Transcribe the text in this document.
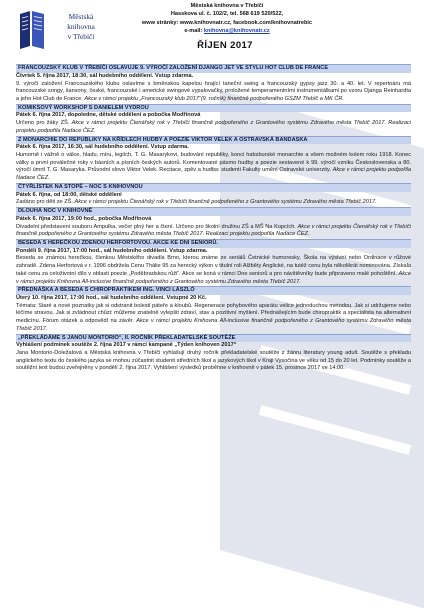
Městská
knihovna
v Třebíči
Městská knihovna v Třebíči
Hasskova ul. č. 102/2, tel. 568 619 520/522,
www stránky: www.knihovnatr.cz, facebook.com/knihovnatrebic
e-mail: knihovna@knihovnatr.cz
ŘÍJEN 2017
FRANCOUZSKÝ KLUB V TŘEBÍČI OSLAVUJE 9. VÝROČÍ ZALOŽENÍ DJANGO JET VE STYLU HOT CLUB DE FRANCE
Čtvrtek 5. října 2017, 18:30, sál hudebního oddělení. Vstup zdarma.

9. výročí založení Francouzského klubu oslavíme s brněnskou kapelou hrající taneční swing a francouzský gypsy jazz 30. a 40. let. V repertoáru má francouzské songy, šansony, české, francouzské i americké swingové vypalovačky, proložené temperamentními instrumentálkami po vzoru Djanga Reinhardta a jeho Hot Club de France. Akce v rámci projektu „Francouzský klub 2017“(9. ročník) finančně podpořeného GSZM Třebíč a MK ČR.

KOMIKSOVÝ WORKSHOP S DANIELEM VYDROU
Pátek 6. října 2017, dopoledne, dětské oddělení a pobočka Modřínová

Určeno pro žáky ZŠ. Akce v rámci projektu Čtenářský rok v Třebíči finančně podpořeného z Grantového systému Zdravého města Třebíč 2017. Realizaci projektu podpořila Nadace ČEZ.

Z MONARCHIE DO REPUBLIKY NA KŘÍDLECH HUDBY A POEZIE VIKTOR VELEK A OSTRAVSKÁ BANDASKA
Pátek 6. října 2017, 16:30, sál hudebního oddělení. Vstup zdarma.

Humorně i vážně o válce, hladu, míru, legiích, T. G. Masarykovi, budování republiky, konci habsburské monarchie a všem možném kolem roku 1918. Konec války a první poválečné roky v básních a písních českých autorů. Komentované pásmo hudby a poezie sestavené k 99. výročí vzniku Československa a 80. výročí úmrtí T. G. Masaryka. Průvodní slovo Viktor Velek. Recitace, zpěv a hudba: studenti Fakulty umění Ostravské univerzity. Akce v rámci projektu podpořila Nadace ČEZ.

ČTYŘLÍSTEK NA STOPĚ – NOC S KNIHOVNOU
Pátek 6. října, od 18:00, dětské oddělení

Zadáno pro děti ze ZŠ. Akce v rámci projektu Čtenářský rok v Třebíči finančně podpořeného z Grantového systému Zdravého města Třebíč 2017.

DLOUHÁ NOC V KNIHOVNĚ
Pátek 6. října 2017, 19:00 hod., pobočka Modřínová

Divadelní představení souboru Ampulka, večer plný her a čtení. Určeno pro školní družinu ZŠ a MŠ Na Kopcích. Akce v rámci projektu Čtenářský rok v Třebíči finančně podpořeného z Grantového systému Zdravého města Třebíč 2017. Realizaci projektu podpořila Nadace ČEZ.

BESEDA S HEREČKOU ZDENOU HERFORTOVOU. AKCE KE DNI SENIORŮ.
Pondělí 9. října 2017, 17:00 hod., sál hudebního oddělení. Vstup zdarma.

Beseda se známou herečkou, členkou Městského divadla Brno, kterou známe ze seriálů Četnické humoresky, Škola na výsluní nebo Ordinace v růžové zahradě. Zdena Herfortová v r. 1996 obdržela Cenu Thálie 95 za herecký výkon v titulní roli Alžběty Anglické, na tutéž cenu byla několikrát nominována. Získala také cenu za celoživotní dílo v oblasti poezie „Poděbradskou růži“. Akce se koná v rámci Dne seniorů a pro návštěvníky bude připraveno malé pohoštění. Akce v rámci projektu Knihovna All-inclusive finančně podpořeného z Grantového systému Zdravého města Třebíč 2017.

PŘEDNÁŠKA A BESEDA S CHIROPRAKTIKEM ING. VINCI LÁSZLÓ
Úterý 10. října 2017, 17:00 hod., sál hudebního oddělení. Vstupné 20 Kč.

Témata: Staré a nové poznatky jak si odstranit bolesti páteře a kloubů. Regenerace pohybového aparátu velice jednoduchou metodou. Jak si udržujeme nebo léčíme stravou. Jak si zvládnout chůzi: můžeme znatelně vylepšit zdraví, stav a pozitivní myšlení. Přednášejícím bude chiropraktik a specialista na alternativní medicínu. Fórum otázek a odpovědí na závěr. Akce v rámci projektu Knihovna All-inclusive finančně podpořeného z Grantového systému Zdravého města Třebíč 2017.

„PŘEKLÁDÁME S JANOU MONTORIO“, II. ROČNÍK PŘEKLADATELSKÉ SOUTĚŽE
Vyhlášení podmínek soutěže 2. října 2017 v rámci kampaně „Týden knihoven 2017“

Jana Montorio-Doležalová a Městská knihovna v Třebíči vyhlašují druhý ročník překladatelské soutěže z žánru literatury young adult. Soutěže s překladu anglického textu do českého jazyka se mohou zúčastnit studenti středních škol a jazykových škol v Kraji Vysočina ve věku od 15 do 20 let. Podmínky soutěže a soutěžní text budou zveřejněny v pondělí 2. října 2017. Vyhlášení výsledků proběhne v knihovně v pátek 15. prosince 2017 ve 14:00.
